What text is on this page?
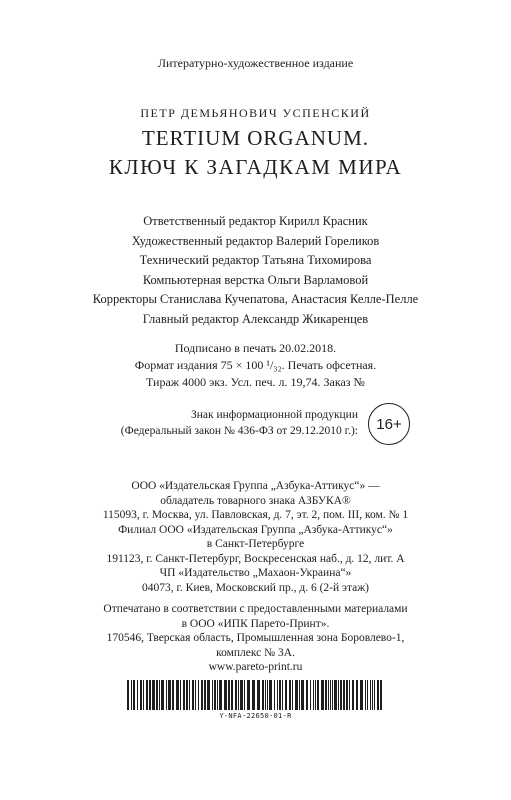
Литературно-художественное издание
ПЕТР ДЕМЬЯНОВИЧ УСПЕНСКИЙ
TERTIUM ORGANUM.
КЛЮЧ К ЗАГАДКАМ МИРА
Ответственный редактор Кирилл Красник
Художественный редактор Валерий Гореликов
Технический редактор Татьяна Тихомирова
Компьютерная верстка Ольги Варламовой
Корректоры Станислава Кучепатова, Анастасия Келле-Пелле
Главный редактор Александр Жикаренцев
Подписано в печать 20.02.2018.
Формат издания 75 × 100 ¹/₃₂. Печать офсетная.
Тираж 4000 экз. Усл. печ. л. 19,74. Заказ №
Знак информационной продукции
(Федеральный закон № 436-ФЗ от 29.12.2010 г.):	16+
ООО «Издательская Группа „Азбука-Аттикус“» —
обладатель товарного знака АЗБУКА®
115093, г. Москва, ул. Павловская, д. 7, эт. 2, пом. III, ком. № 1
Филиал ООО «Издательская Группа „Азбука-Аттикус“»
в Санкт-Петербурге
191123, г. Санкт-Петербург, Воскресенская наб., д. 12, лит. А
ЧП «Издательство „Махаон-Украина“»
04073, г. Киев, Московский пр., д. 6 (2-й этаж)
Отпечатано в соответствии с предоставленными материалами
в ООО «ИПК Парето-Принт».
170546, Тверская область, Промышленная зона Боровлево-1,
комплекс № 3А.
www.pareto-print.ru
Y-NFA-22650-01-R
